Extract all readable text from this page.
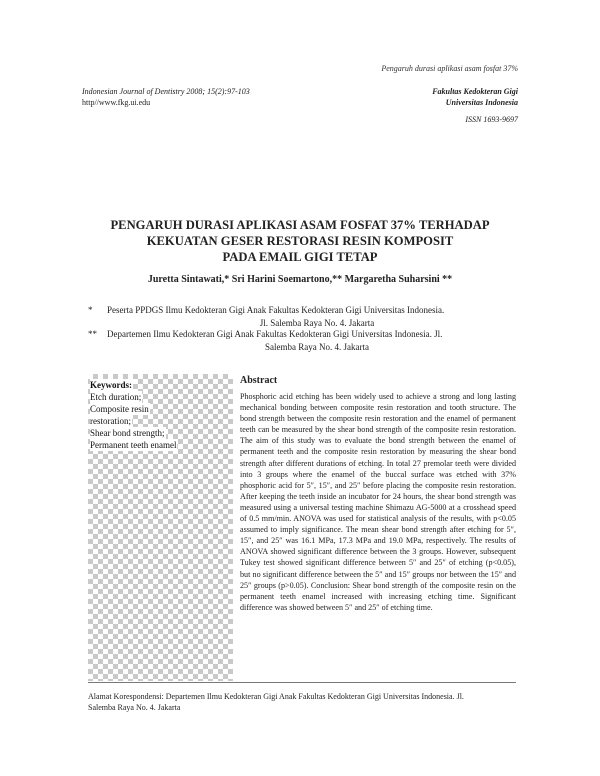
Pengaruh durasi aplikasi asam fosfat 37%
Indonesian Journal of Dentistry 2008; 15(2):97-103
http//www.fkg.ui.edu
Fakultas Kedokteran Gigi
Universitas Indonesia
ISSN 1693-9697
PENGARUH DURASI APLIKASI ASAM FOSFAT 37% TERHADAP
KEKUATAN GESER RESTORASI RESIN KOMPOSIT
PADA EMAIL GIGI TETAP
Juretta Sintawati,* Sri Harini Soemartono,** Margaretha Suharsini **
* Peserta PPDGS Ilmu Kedokteran Gigi Anak Fakultas Kedokteran Gigi Universitas Indonesia.
Jl. Salemba Raya No. 4. Jakarta
** Departemen Ilmu Kedokteran Gigi Anak Fakultas Kedokteran Gigi Universitas Indonesia. Jl.
Salemba Raya No. 4. Jakarta
Keywords:
Etch duration;
Composite resin
restoration;
Shear bond strength;
Permanent teeth enamel
Abstract
Phosphoric acid etching has been widely used to achieve a strong and long lasting mechanical bonding between composite resin restoration and tooth structure. The bond strength between the composite resin restoration and the enamel of permanent teeth can be measured by the shear bond strength of the composite resin restoration. The aim of this study was to evaluate the bond strength between the enamel of permanent teeth and the composite resin restoration by measuring the shear bond strength after different durations of etching. In total 27 premolar teeth were divided into 3 groups where the enamel of the buccal surface was etched with 37% phosphoric acid for 5″, 15″, and 25″ before placing the composite resin restoration. After keeping the teeth inside an incubator for 24 hours, the shear bond strength was measured using a universal testing machine Shimazu AG-5000 at a crosshead speed of 0.5 mm/min. ANOVA was used for statistical analysis of the results, with p<0.05 assumed to imply significance. The mean shear bond strength after etching for 5″, 15″, and 25″ was 16.1 MPa, 17.3 MPa and 19.0 MPa, respectively. The results of ANOVA showed significant difference between the 3 groups. However, subsequent Tukey test showed significant difference between 5″ and 25″ of etching (p<0.05), but no significant difference between the 5″ and 15″ groups nor between the 15″ and 25″ groups (p>0.05). Conclusion: Shear bond strength of the composite resin on the permanent teeth enamel increased with increasing etching time. Significant difference was showed between 5″ and 25″ of etching time.
Alamat Korespondensi: Departemen Ilmu Kedokteran Gigi Anak Fakultas Kedokteran Gigi Universitas Indonesia. Jl.
Salemba Raya No. 4. Jakarta
